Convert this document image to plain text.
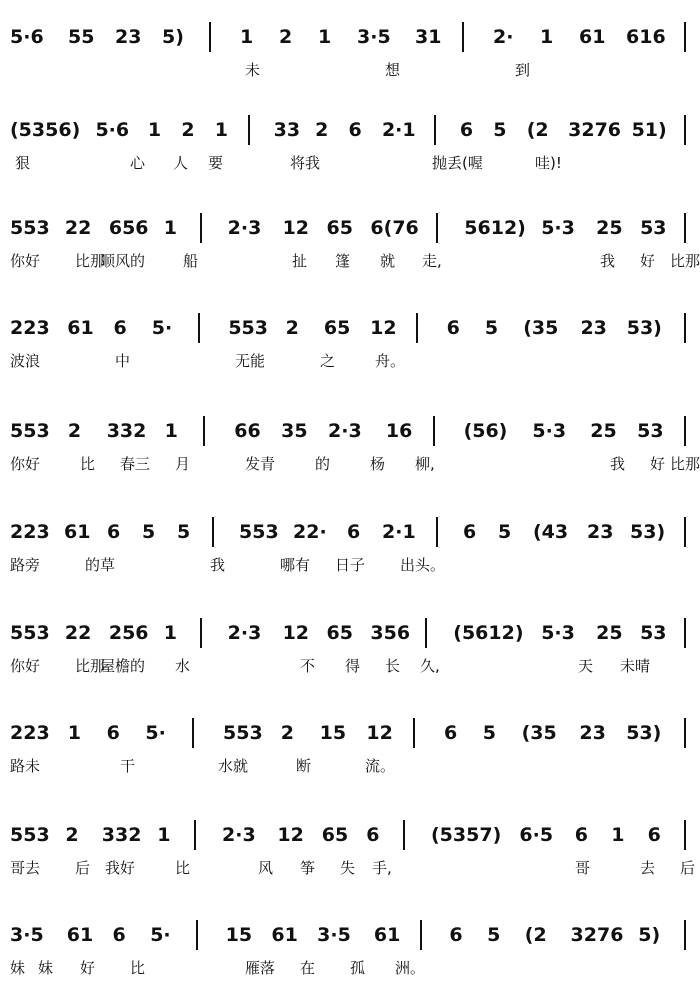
5·6 55 23 5)	1 2 1 3·5 31	2· 1 61 616
未	想	到
(5356) 5·6 1 2 1 33 2 6 2·1 6 5 (2 3276 51)
狠	心 人 要	将我	抛丢(喔	哇)!
553 22 656 1	2·3 12 65 6(76 5612) 5·3 25 53
你好 比那
顺风的	船	扯 篷 就 走,	我 好 比那
223 61 6 5·	553 2 65 12	6 5 (35 23 53)
波浪	中	无能	之	舟。
553 2 332 1	66 35 2·3 16	(56) 5·3 25 53
你好	比 春三 月	发青	的	杨 柳,	我 好 比那
223 61 6 5 5	553 22· 6 2·1 6 5 (43 23 53)
路旁	的草	我	哪有 日子 出头。
553 22 256 1	2·3 12 65 356 (5612) 5·3 25 53
你好 比那
屋檐的 水	不 得 长 久,	天 未晴
223 1 6 5·	553 2 15 12	6 5 (35 23 53)
路未	干	水就	断	流。
553 2 332 1	2·3 12 65 6	(5357) 6·5 6 1 6
哥去 后 我好	比	风 筝 失 手,	哥	去 后
3·5 61 6 5·	15 61 3·5 61	6 5 (2 3276 5)
妹 妹 好 比	雁落 在 孤 洲。
